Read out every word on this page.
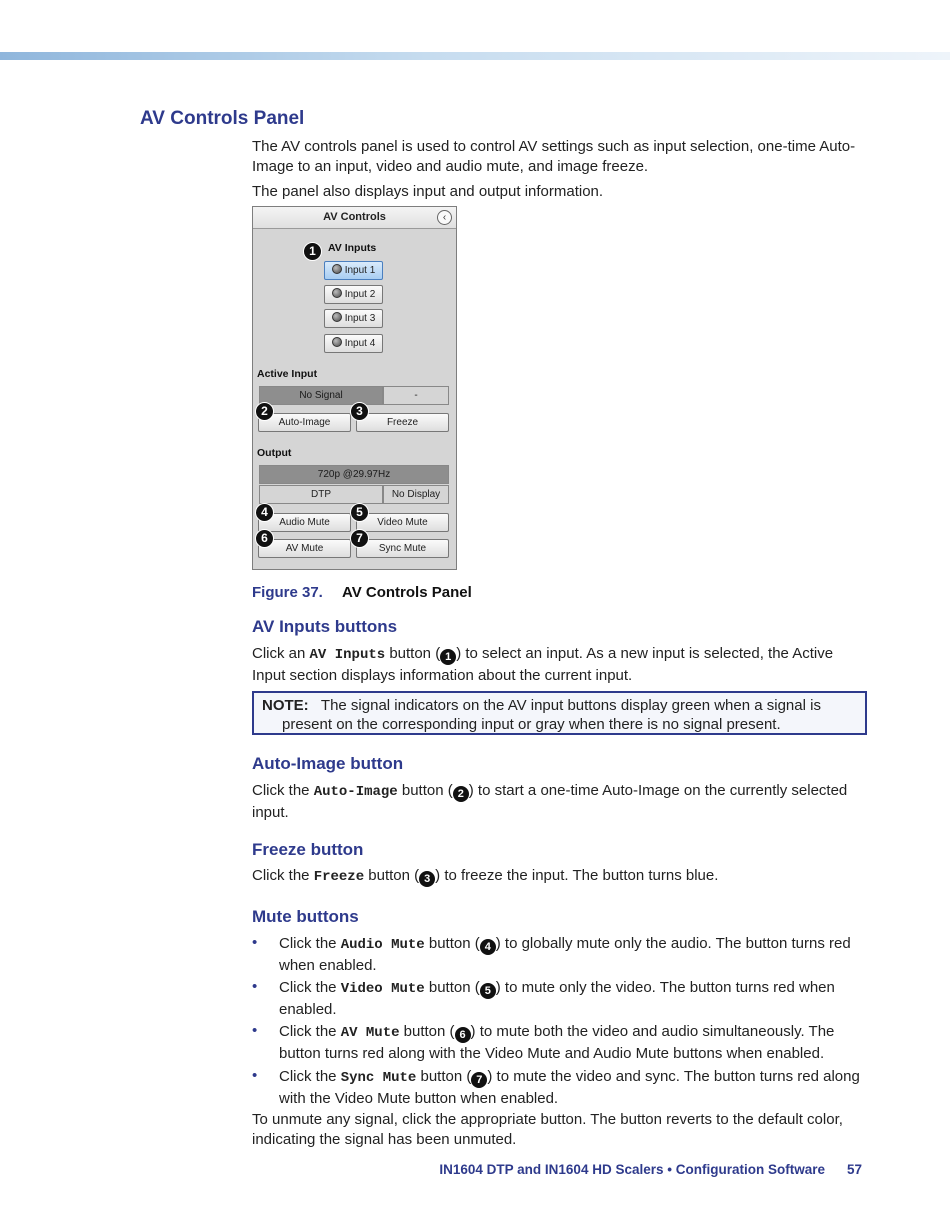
AV Controls Panel
The AV controls panel is used to control AV settings such as input selection, one-time Auto-Image to an input, video and audio mute, and image freeze.
The panel also displays input and output information.
AV Controls	‹
AV Inputs
Input 1
Input 2
Input 3
Input 4
Active Input
No Signal	-
Auto-Image	Freeze
Output
720p @29.97Hz
DTP	No Display
Audio Mute	Video Mute
AV Mute	Sync Mute
1
2	3
4	5
6	7
Figure 37. AV Controls Panel
AV Inputs buttons
Click an AV Inputs button ( 1 ) to select an input. As a new input is selected, the Active Input section displays information about the current input.
NOTE: The signal indicators on the AV input buttons display green when a signal is present on the corresponding input or gray when there is no signal present.
Auto-Image button
Click the Auto-Image button ( 2 ) to start a one-time Auto-Image on the currently selected input.
Freeze button
Click the Freeze button ( 3 ) to freeze the input. The button turns blue.
Mute buttons
• Click the Audio Mute button ( 4 ) to globally mute only the audio. The button turns red when enabled.
• Click the Video Mute button ( 5 ) to mute only the video. The button turns red when enabled.
• Click the AV Mute button ( 6 ) to mute both the video and audio simultaneously. The button turns red along with the Video Mute and Audio Mute buttons when enabled.
• Click the Sync Mute button ( 7 ) to mute the video and sync. The button turns red along with the Video Mute button when enabled.
To unmute any signal, click the appropriate button. The button reverts to the default color, indicating the signal has been unmuted.
IN1604 DTP and IN1604 HD Scalers • Configuration Software 57
